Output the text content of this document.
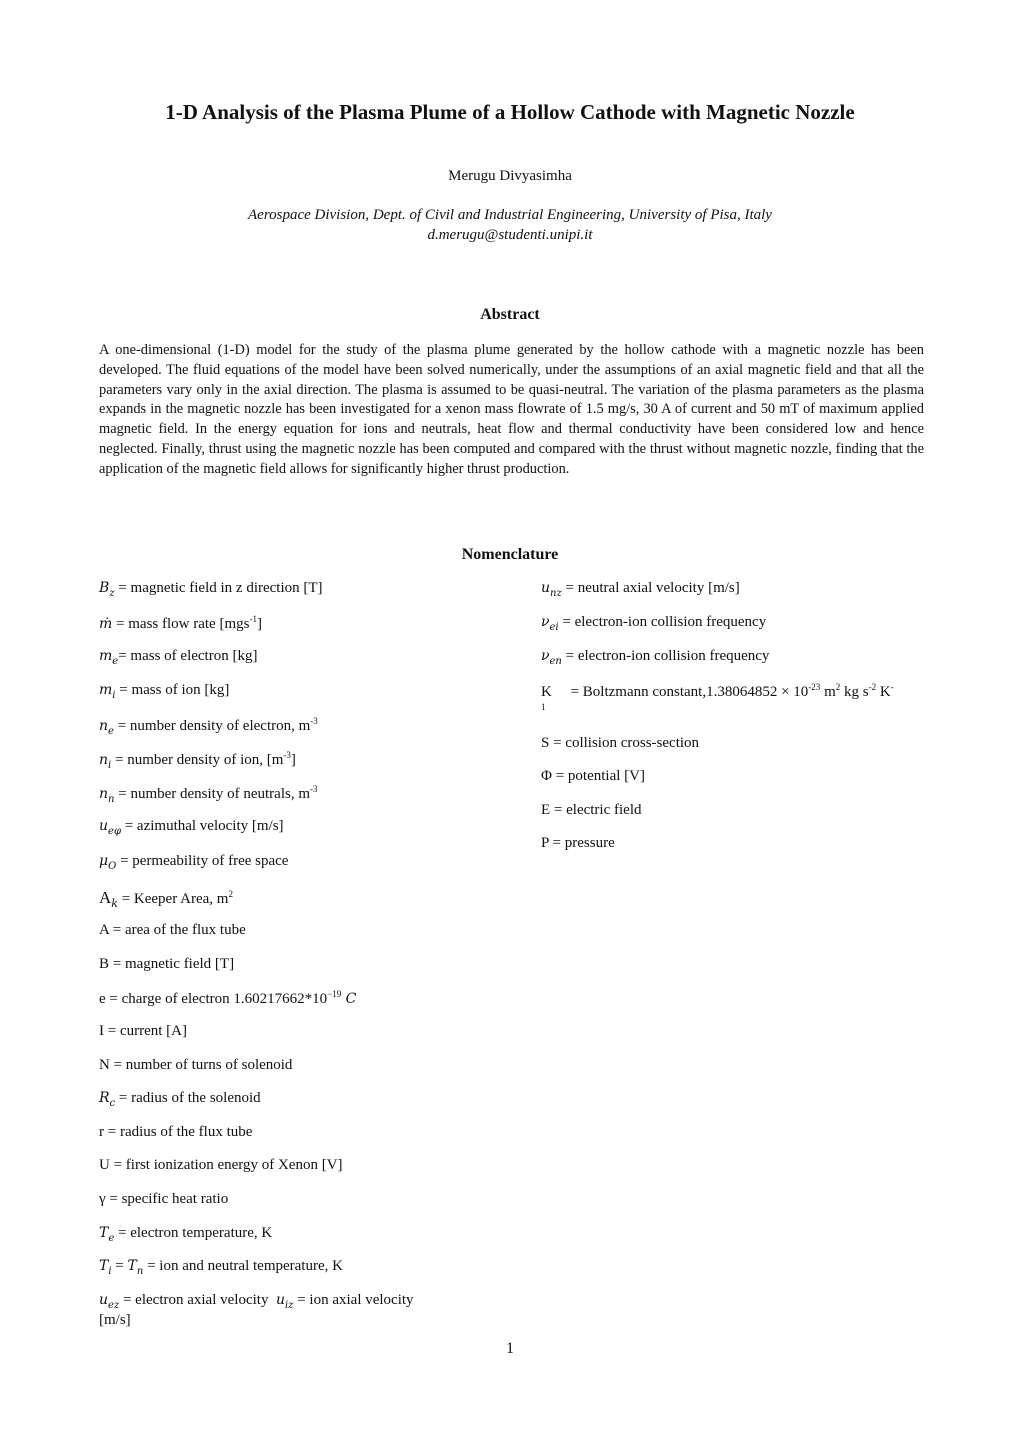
1-D Analysis of the Plasma Plume of a Hollow Cathode with Magnetic Nozzle
Merugu Divyasimha
Aerospace Division, Dept. of Civil and Industrial Engineering, University of Pisa, Italy
d.merugu@studenti.unipi.it
Abstract
A one-dimensional (1-D) model for the study of the plasma plume generated by the hollow cathode with a magnetic nozzle has been developed. The fluid equations of the model have been solved numerically, under the assumptions of an axial magnetic field and that all the parameters vary only in the axial direction. The plasma is assumed to be quasi-neutral. The variation of the plasma parameters as the plasma expands in the magnetic nozzle has been investigated for a xenon mass flowrate of 1.5 mg/s, 30 A of current and 50 mT of maximum applied magnetic field. In the energy equation for ions and neutrals, heat flow and thermal conductivity have been considered low and hence neglected. Finally, thrust using the magnetic nozzle has been computed and compared with the thrust without magnetic nozzle, finding that the application of the magnetic field allows for significantly higher thrust production.
Nomenclature
$B_z$ = magnetic field in z direction [T]
ṁ = mass flow rate [mgs$^{-1}$]
$m_e=$ mass of electron [kg]
$m_i$ = mass of ion [kg]
$n_e$ = number density of electron, $m^{-3}$
$n_i$ = number density of ion, $[m^{-3}]$
$n_n$ = number density of neutrals, $m^{-3}$
$u_{e\varphi}$ = azimuthal velocity [m/s]
$\mu_O$ = permeability of free space
$A_k$ = Keeper Area, $m^2$
A = area of the flux tube
B = magnetic field [T]
e = charge of electron $1.60217662*10^{-19}$ C
I = current [A]
N = number of turns of solenoid
$R_c$ = radius of the solenoid
r = radius of the flux tube
U = first ionization energy of Xenon [V]
γ = specific heat ratio
$T_e$ = electron temperature, K
$T_i = T_n$ = ion and neutral temperature, K
$u_{ez}$ = electron axial velocity  $u_{iz}$ = ion axial velocity
[m/s]
$u_{nz}$ = neutral axial velocity [m/s]
$\nu_{ei}$ = electron-ion collision frequency
$\nu_{en}$ = electron-ion collision frequency
K     = Boltzmann constant,1.38064852 × $10^{-23}$ $m^2$ kg $s^{-2}$ K-
1
S = collision cross-section
Φ = potential [V]
E = electric field
P = pressure
1
